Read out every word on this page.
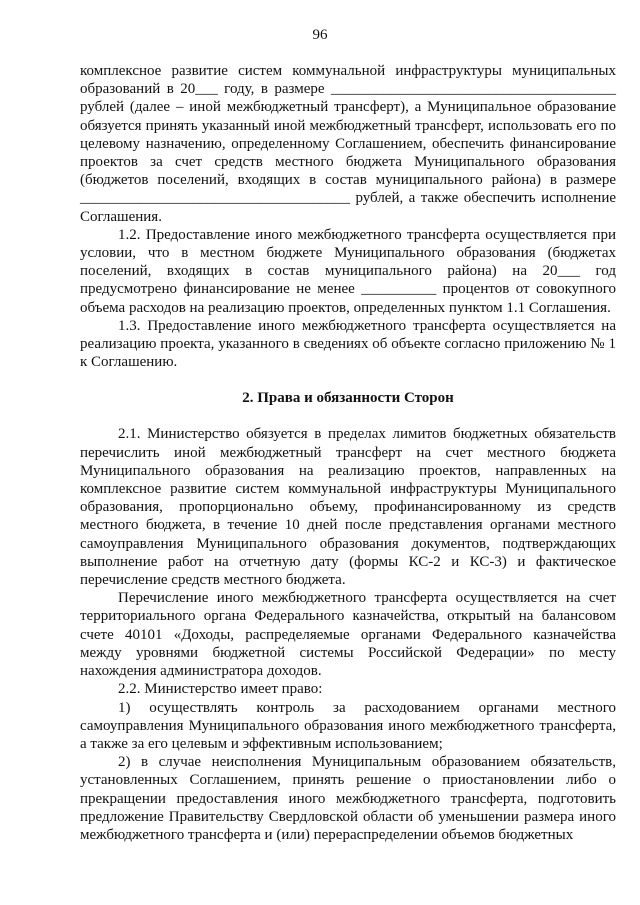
96

комплексное развитие систем коммунальной инфраструктуры муниципальных образований в 20___ году, в размере ______________________________________ рублей (далее – иной межбюджетный трансферт), а Муниципальное образование обязуется принять указанный иной межбюджетный трансферт, использовать его по целевому назначению, определенному Соглашением, обеспечить финансирование проектов за счет средств местного бюджета Муниципального образования (бюджетов поселений, входящих в состав муниципального района) в размере ____________________________________ рублей, а также обеспечить исполнение Соглашения.

1.2. Предоставление иного межбюджетного трансферта осуществляется при условии, что в местном бюджете Муниципального образования (бюджетах поселений, входящих в состав муниципального района) на 20___ год предусмотрено финансирование не менее __________ процентов от совокупного объема расходов на реализацию проектов, определенных пунктом 1.1 Соглашения.

1.3. Предоставление иного межбюджетного трансферта осуществляется на реализацию проекта, указанного в сведениях об объекте согласно приложению № 1 к Соглашению.

2. Права и обязанности Сторон

2.1. Министерство обязуется в пределах лимитов бюджетных обязательств перечислить иной межбюджетный трансферт на счет местного бюджета Муниципального образования на реализацию проектов, направленных на комплексное развитие систем коммунальной инфраструктуры Муниципального образования, пропорционально объему, профинансированному из средств местного бюджета, в течение 10 дней после представления органами местного самоуправления Муниципального образования документов, подтверждающих выполнение работ на отчетную дату (формы КС-2 и КС-3) и фактическое перечисление средств местного бюджета.

Перечисление иного межбюджетного трансферта осуществляется на счет территориального органа Федерального казначейства, открытый на балансовом счете 40101 «Доходы, распределяемые органами Федерального казначейства между уровнями бюджетной системы Российской Федерации» по месту нахождения администратора доходов.

2.2. Министерство имеет право:

1) осуществлять контроль за расходованием органами местного самоуправления Муниципального образования иного межбюджетного трансферта, а также за его целевым и эффективным использованием;

2) в случае неисполнения Муниципальным образованием обязательств, установленных Соглашением, принять решение о приостановлении либо о прекращении предоставления иного межбюджетного трансферта, подготовить предложение Правительству Свердловской области об уменьшении размера иного межбюджетного трансферта и (или) перераспределении объемов бюджетных
